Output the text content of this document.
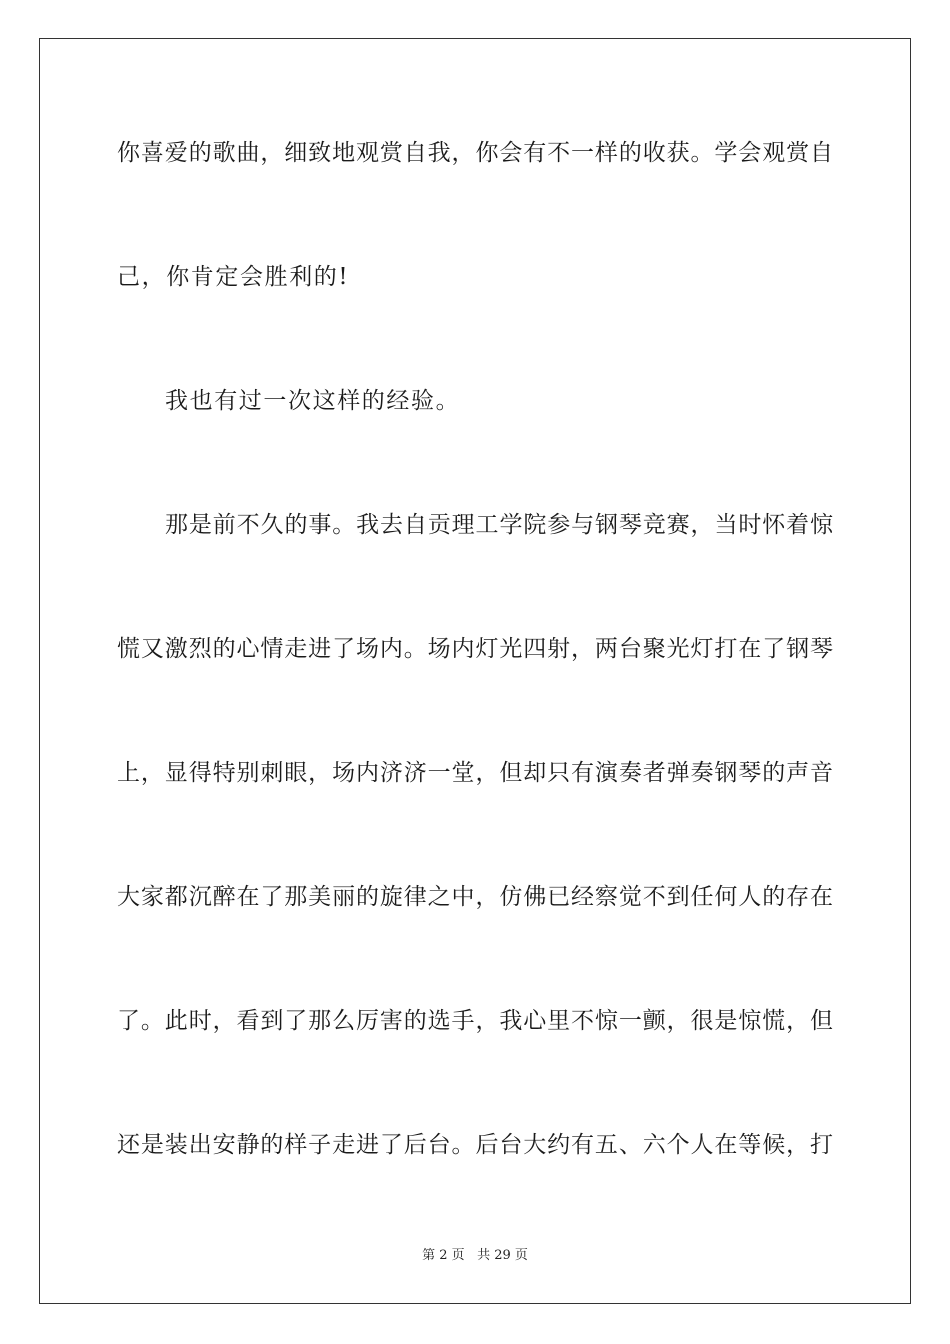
你喜爱的歌曲，细致地观赏自我，你会有不一样的收获。学会观赏自
己，你肯定会胜利的!
我也有过一次这样的经验。
那是前不久的事。我去自贡理工学院参与钢琴竞赛，当时怀着惊
慌又激烈的心情走进了场内。场内灯光四射，两台聚光灯打在了钢琴
上，显得特别刺眼，场内济济一堂，但却只有演奏者弹奏钢琴的声音
大家都沉醉在了那美丽的旋律之中，仿佛已经察觉不到任何人的存在
了。此时，看到了那么厉害的选手，我心里不惊一颤，很是惊慌，但
还是装出安静的样子走进了后台。后台大约有五、六个人在等候，打
第 2 页 共 29 页
